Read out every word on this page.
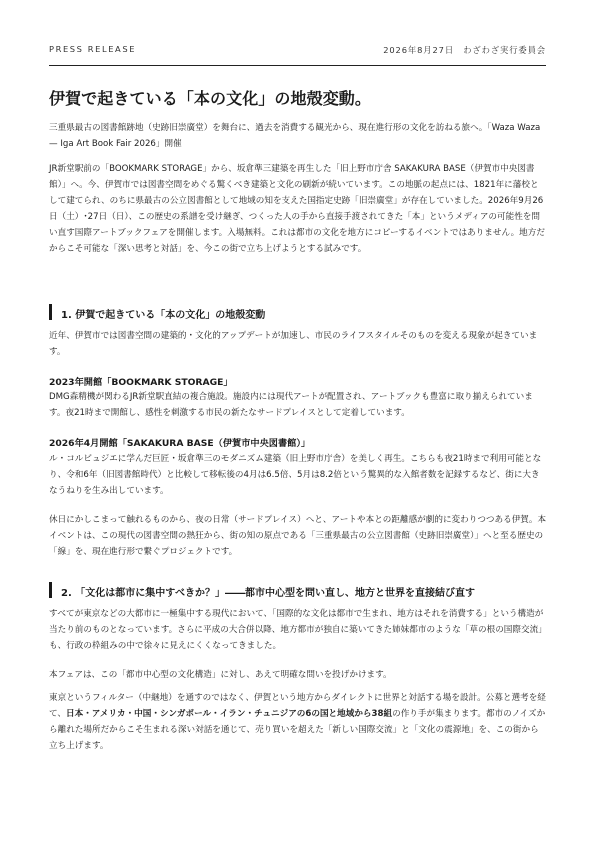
PRESS RELEASE	2026年8月27日　わざわざ実行委員会
伊賀で起きている「本の文化」の地殻変動。

三重県最古の図書館跡地（史跡旧崇廣堂）を舞台に、過去を消費する観光から、現在進行形の文化を訪ねる旅へ。「Waza Waza — Iga Art Book Fair 2026」開催

JR新堂駅前の「BOOKMARK STORAGE」から、坂倉準三建築を再生した「旧上野市庁舎 SAKAKURA BASE（伊賀市中央図書館）」へ。今、伊賀市では図書空間をめぐる驚くべき建築と文化の刷新が続いています。この地脈の起点には、1821年に藩校として建てられ、のちに県最古の公立図書館として地域の知を支えた国指定史跡「旧崇廣堂」が存在していました。2026年9月26日（土）･27日（日）、この歴史の系譜を受け継ぎ、つくった人の手から直接手渡されてきた「本」というメディアの可能性を問い直す国際アートブックフェアを開催します。入場無料。これは都市の文化を地方にコピーするイベントではありません。地方だからこそ可能な「深い思考と対話」を、今この街で立ち上げようとする試みです。

1. 伊賀で起きている「本の文化」の地殻変動

近年、伊賀市では図書空間の建築的・文化的アップデートが加速し、市民のライフスタイルそのものを変える現象が起きています。

2023年開館「BOOKMARK STORAGE」

DMG森精機が関わるJR新堂駅直結の複合施設。施設内には現代アートが配置され、アートブックも豊富に取り揃えられています。夜21時まで開館し、感性を刺激する市民の新たなサードプレイスとして定着しています。

2026年4月開館「SAKAKURA BASE（伊賀市中央図書館）」

ル・コルビュジエに学んだ巨匠・坂倉準三のモダニズム建築（旧上野市庁舎）を美しく再生。こちらも夜21時まで利用可能となり、令和6年（旧図書館時代）と比較して移転後の4月は6.5倍、5月は8.2倍という驚異的な入館者数を記録するなど、街に大きなうねりを生み出しています。

休日にかしこまって触れるものから、夜の日常（サードプレイス）へと、アートや本との距離感が劇的に変わりつつある伊賀。本イベントは、この現代の図書空間の熱狂から、街の知の原点である「三重県最古の公立図書館（史跡旧崇廣堂）」へと至る歴史の「線」を、現在進行形で繋ぐプロジェクトです。

2. 「文化は都市に集中すべきか？」――都市中心型を問い直し、地方と世界を直接結び直す

すべてが東京などの大都市に一極集中する現代において、「国際的な文化は都市で生まれ、地方はそれを消費する」という構造が当たり前のものとなっています。さらに平成の大合併以降、地方都市が独自に築いてきた姉妹都市のような「草の根の国際交流」も、行政の枠組みの中で徐々に見えにくくなってきました。

本フェアは、この「都市中心型の文化構造」に対し、あえて明確な問いを投げかけます。

東京というフィルター（中継地）を通すのではなく、伊賀という地方からダイレクトに世界と対話する場を設計。公募と選考を経て、日本・アメリカ・中国・シンガポール・イラン・チュニジアの6の国と地域から38組の作り手が集まります。都市のノイズから離れた場所だからこそ生まれる深い対話を通じて、売り買いを超えた「新しい国際交流」と「文化の震源地」を、この街から立ち上げます。
